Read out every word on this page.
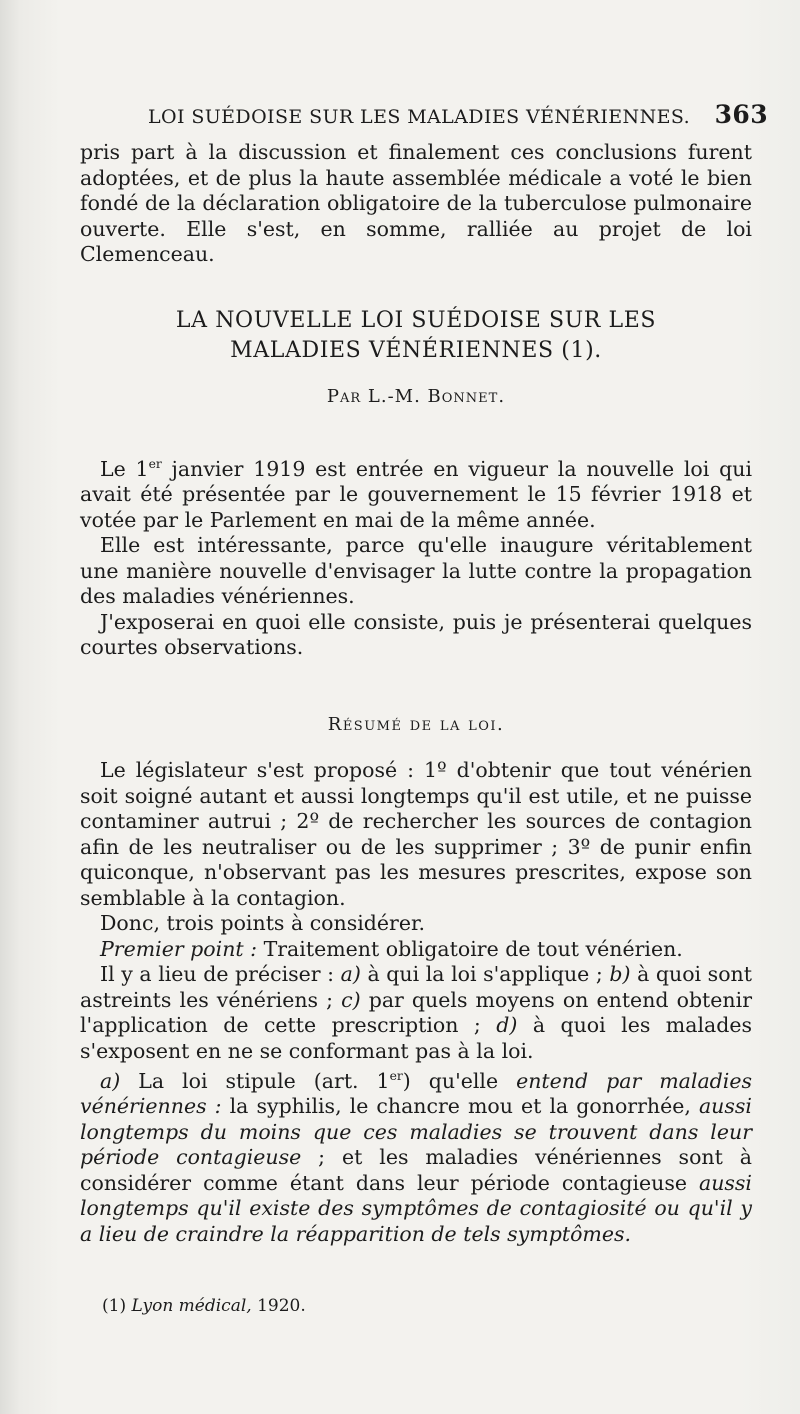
LOI SUÉDOISE SUR LES MALADIES VÉNÉRIENNES. 363

pris part à la discussion et finalement ces conclusions furent adoptées, et de plus la haute assemblée médicale a voté le bien fondé de la déclaration obligatoire de la tuberculose pulmonaire ouverte. Elle s'est, en somme, ralliée au projet de loi Clemenceau.

LA NOUVELLE LOI SUÉDOISE SUR LES
MALADIES VÉNÉRIENNES (1).
Par L.-M. Bonnet.

Le 1er janvier 1919 est entrée en vigueur la nouvelle loi qui avait été présentée par le gouvernement le 15 février 1918 et votée par le Parlement en mai de la même année.

Elle est intéressante, parce qu'elle inaugure véritablement une manière nouvelle d'envisager la lutte contre la propagation des maladies vénériennes.

J'exposerai en quoi elle consiste, puis je présenterai quelques courtes observations.

Résumé de la loi.

Le législateur s'est proposé : 1º d'obtenir que tout vénérien soit soigné autant et aussi longtemps qu'il est utile, et ne puisse contaminer autrui ; 2º de rechercher les sources de contagion afin de les neutraliser ou de les supprimer ; 3º de punir enfin quiconque, n'observant pas les mesures prescrites, expose son semblable à la contagion.

Donc, trois points à considérer.

Premier point : Traitement obligatoire de tout vénérien.

Il y a lieu de préciser : a) à qui la loi s'applique ; b) à quoi sont astreints les vénériens ; c) par quels moyens on entend obtenir l'application de cette prescription ; d) à quoi les malades s'exposent en ne se conformant pas à la loi.

a) La loi stipule (art. 1er) qu'elle entend par maladies vénériennes : la syphilis, le chancre mou et la gonorrhée, aussi longtemps du moins que ces maladies se trouvent dans leur période contagieuse ; et les maladies vénériennes sont à considérer comme étant dans leur période contagieuse aussi longtemps qu'il existe des symptômes de contagiosité ou qu'il y a lieu de craindre la réapparition de tels symptômes.

(1) Lyon médical, 1920.
